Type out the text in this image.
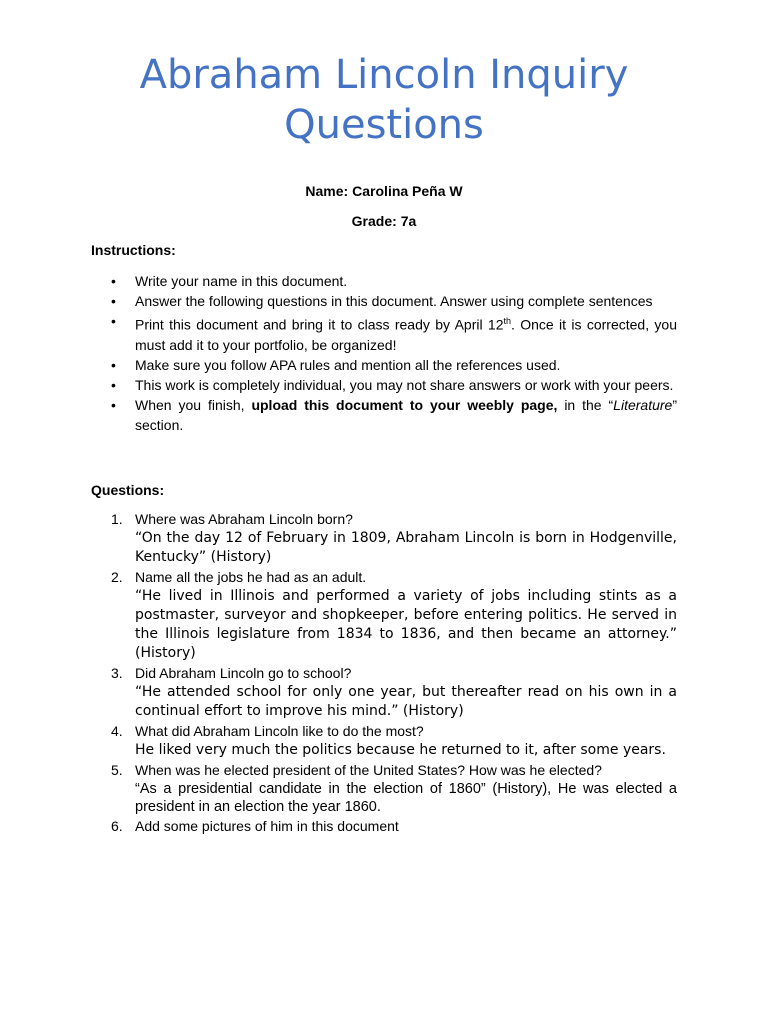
Abraham Lincoln Inquiry
Questions
Name: Carolina Peña W
Grade: 7a
Instructions:
• Write your name in this document.
• Answer the following questions in this document. Answer using complete sentences
• Print this document and bring it to class ready by April 12th. Once it is corrected, you must add it to your portfolio, be organized!
• Make sure you follow APA rules and mention all the references used.
• This work is completely individual, you may not share answers or work with your peers.
• When you finish, upload this document to your weebly page, in the “Literature” section.
Questions:
1. Where was Abraham Lincoln born?
“On the day 12 of February in 1809, Abraham Lincoln is born in Hodgenville, Kentucky” (History)
2. Name all the jobs he had as an adult.
“He lived in Illinois and performed a variety of jobs including stints as a postmaster, surveyor and shopkeeper, before entering politics. He served in the Illinois legislature from 1834 to 1836, and then became an attorney.” (History)
3. Did Abraham Lincoln go to school?
“He attended school for only one year, but thereafter read on his own in a continual effort to improve his mind.” (History)
4. What did Abraham Lincoln like to do the most?
He liked very much the politics because he returned to it, after some years.
5. When was he elected president of the United States? How was he elected?
“As a presidential candidate in the election of 1860” (History), He was elected a president in an election the year 1860.
6. Add some pictures of him in this document
